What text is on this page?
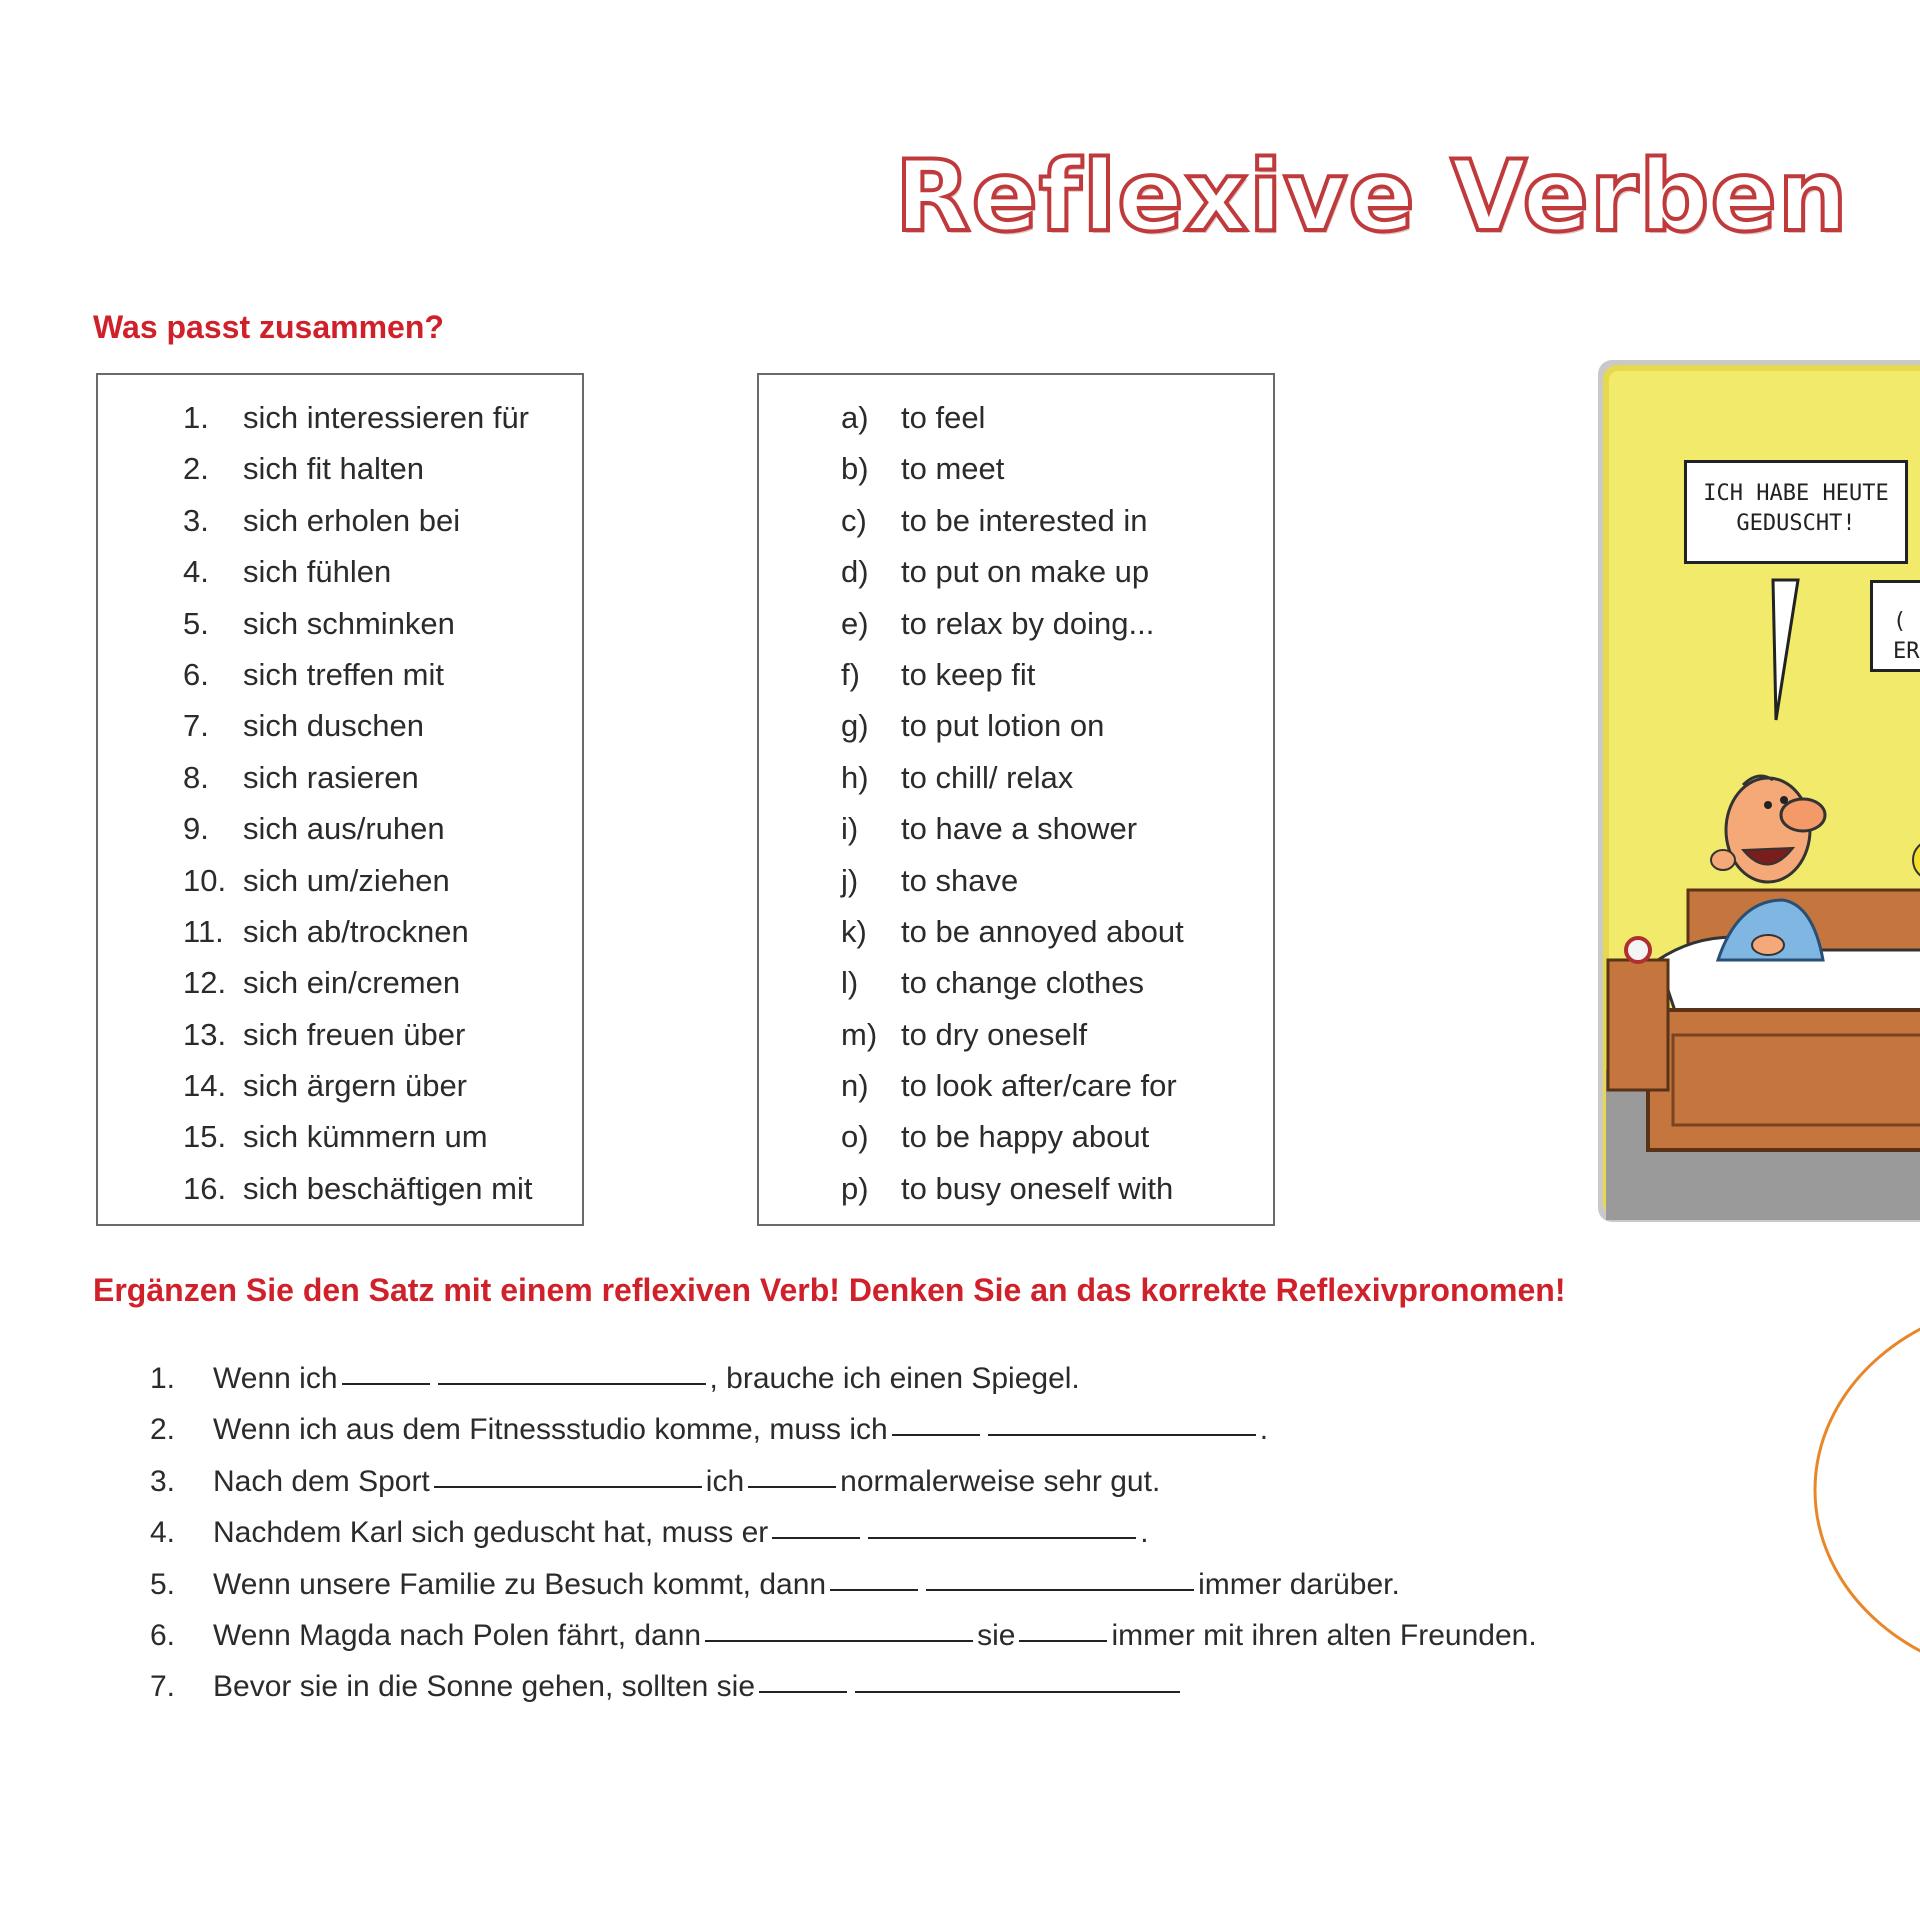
Reflexive Verben
Was passt zusammen?
1.	sich interessieren für
2.	sich fit halten
3.	sich erholen bei
4.	sich fühlen
5.	sich schminken
6.	sich treffen mit
7.	sich duschen
8.	sich rasieren
9.	sich aus/ruhen
10. sich um/ziehen
11. sich ab/trocknen
12. sich ein/cremen
13. sich freuen über
14. sich ärgern über
15. sich kümmern um
16. sich beschäftigen mit
a)	to feel
b)	to meet
c)	to be interested in
d)	to put on make up
e)	to relax by doing...
f)	to keep fit
g)	to put lotion on
h)	to chill/ relax
i)	to have a shower
j)	to shave
k)	to be annoyed about
l)	to change clothes
m) to dry oneself
n)	to look after/care for
o)	to be happy about
p)	to busy oneself with
ICH HABE HEUTE
GEDUSCHT!
(
ER
Ergänzen Sie den Satz mit einem reflexiven Verb! Denken Sie an das korrekte Reflexivpronomen!
1.	Wenn ich	, brauche ich einen Spiegel.
2.	Wenn ich aus dem Fitnessstudio komme, muss ich	.
3.	Nach dem Sport	ich	normalerweise sehr gut.
4.	Nachdem Karl sich geduscht hat, muss er	.
5.	Wenn unsere Familie zu Besuch kommt, dann	immer darüber.
6.	Wenn Magda nach Polen fährt, dann	sie	immer mit ihren alten Freunden.
7.	Bevor sie in die Sonne gehen, sollten sie
